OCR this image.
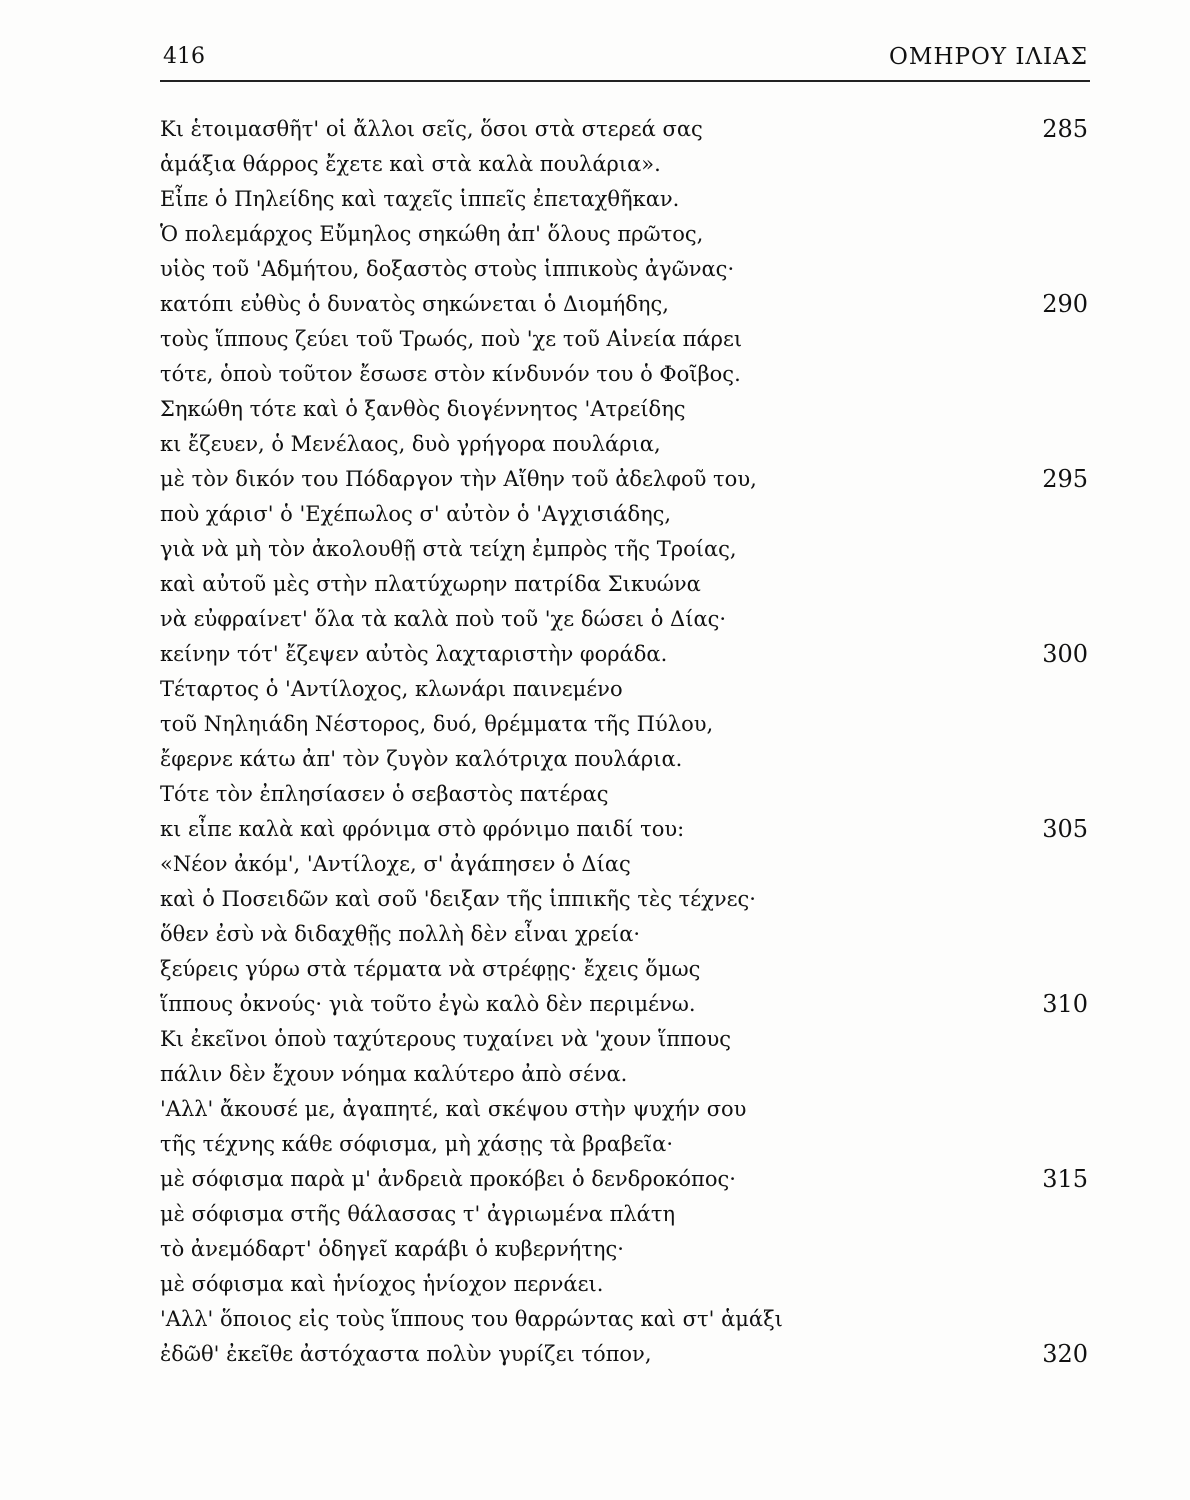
416	ΟΜΗΡΟΥ ΙΛΙΑΣ
Κι ἑτοιμασθῆτ' οἱ ἄλλοι σεῖς, ὅσοι στὰ στερεά σας	285
ἁμάξια θάρρος ἔχετε καὶ στὰ καλὰ πουλάρια».
Εἶπε ὁ Πηλείδης καὶ ταχεῖς ἱππεῖς ἐπεταχθῆκαν.
Ὁ πολεμάρχος Εὔμηλος σηκώθη ἀπ' ὅλους πρῶτος,
υἱὸς τοῦ 'Αδμήτου, δοξαστὸς στοὺς ἱππικοὺς ἀγῶνας·
κατόπι εὐθὺς ὁ δυνατὸς σηκώνεται ὁ Διομήδης,	290
τοὺς ἵππους ζεύει τοῦ Τρωός, ποὺ 'χε τοῦ Αἰνεία πάρει
τότε, ὁποὺ τοῦτον ἔσωσε στὸν κίνδυνόν του ὁ Φοῖβος.
Σηκώθη τότε καὶ ὁ ξανθὸς διογέννητος 'Ατρείδης
κι ἔζευεν, ὁ Μενέλαος, δυὸ γρήγορα πουλάρια,
μὲ τὸν δικόν του Πόδαργον τὴν Αἴθην τοῦ ἀδελφοῦ του,	295
ποὺ χάρισ' ὁ 'Εχέπωλος σ' αὐτὸν ὁ 'Αγχισιάδης,
γιὰ νὰ μὴ τὸν ἀκολουθῇ στὰ τείχη ἐμπρὸς τῆς Τροίας,
καὶ αὐτοῦ μὲς στὴν πλατύχωρην πατρίδα Σικυώνα
νὰ εὐφραίνετ' ὅλα τὰ καλὰ ποὺ τοῦ 'χε δώσει ὁ Δίας·
κείνην τότ' ἔζεψεν αὐτὸς λαχταριστὴν φοράδα.	300
Τέταρτος ὁ 'Αντίλοχος, κλωνάρι παινεμένο
τοῦ Νηληιάδη Νέστορος, δυό, θρέμματα τῆς Πύλου,
ἔφερνε κάτω ἀπ' τὸν ζυγὸν καλότριχα πουλάρια.
Τότε τὸν ἐπλησίασεν ὁ σεβαστὸς πατέρας
κι εἶπε καλὰ καὶ φρόνιμα στὸ φρόνιμο παιδί του:	305
«Νέον ἀκόμ', 'Αντίλοχε, σ' ἀγάπησεν ὁ Δίας
καὶ ὁ Ποσειδῶν καὶ σοῦ 'δειξαν τῆς ἱππικῆς τὲς τέχνες·
ὅθεν ἐσὺ νὰ διδαχθῇς πολλὴ δὲν εἶναι χρεία·
ξεύρεις γύρω στὰ τέρματα νὰ στρέφῃς· ἔχεις ὅμως
ἵππους ὀκνούς· γιὰ τοῦτο ἐγὼ καλὸ δὲν περιμένω.	310
Κι ἐκεῖνοι ὁποὺ ταχύτερους τυχαίνει νὰ 'χουν ἵππους
πάλιν δὲν ἔχουν νόημα καλύτερο ἀπὸ σένα.
'Αλλ' ἄκουσέ με, ἀγαπητέ, καὶ σκέψου στὴν ψυχήν σου
τῆς τέχνης κάθε σόφισμα, μὴ χάσῃς τὰ βραβεῖα·
μὲ σόφισμα παρὰ μ' ἀνδρειὰ προκόβει ὁ δενδροκόπος·	315
μὲ σόφισμα στῆς θάλασσας τ' ἀγριωμένα πλάτη
τὸ ἀνεμόδαρτ' ὁδηγεῖ καράβι ὁ κυβερνήτης·
μὲ σόφισμα καὶ ἡνίοχος ἡνίοχον περνάει.
'Αλλ' ὅποιος εἰς τοὺς ἵππους του θαρρώντας καὶ στ' ἁμάξι
ἐδῶθ' ἐκεῖθε ἀστόχαστα πολὺν γυρίζει τόπον,	320
